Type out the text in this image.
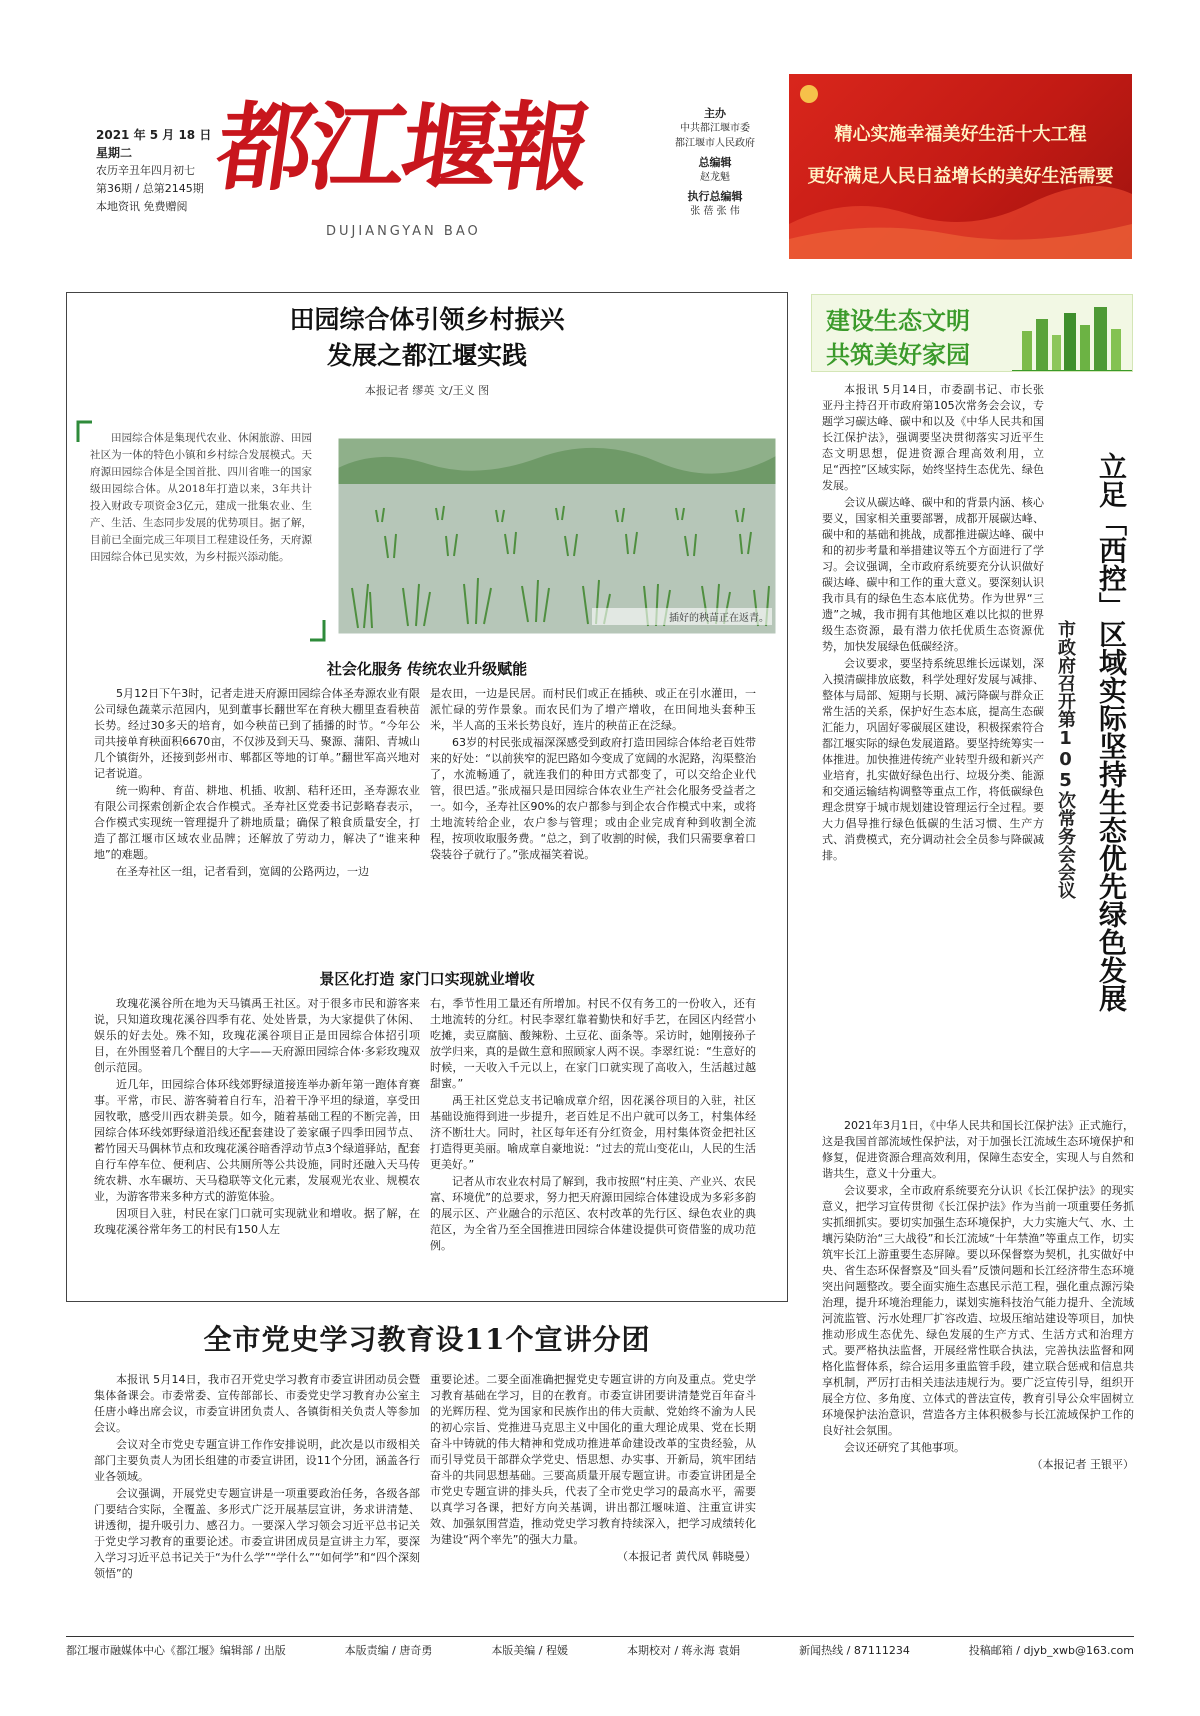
2021 年 5 月 18 日
星期二
农历辛丑年四月初七
第36期 / 总第2145期
本地资讯 免费赠阅
都江堰報
DUJIANGYAN BAO
主办
中共都江堰市委
都江堰市人民政府
总编辑
赵龙魁
执行总编辑
张 蓓 张 伟
精心实施幸福美好生活十大工程
更好满足人民日益增长的美好生活需要
田园综合体引领乡村振兴
发展之都江堰实践
本报记者 缪英 文/王义 图
田园综合体是集现代农业、休闲旅游、田园社区为一体的特色小镇和乡村综合发展模式。天府源田园综合体是全国首批、四川省唯一的国家级田园综合体。从2018年打造以来，3年共计投入财政专项资金3亿元，建成一批集农业、生产、生活、生态同步发展的优势项目。据了解，目前已全面完成三年项目工程建设任务，天府源田园综合体已见实效，为乡村振兴添动能。
插好的秧苗正在返青。
社会化服务 传统农业升级赋能

5月12日下午3时，记者走进天府源田园综合体圣寿源农业有限公司绿色蔬菜示范园内，见到董事长翻世军在育秧大棚里查看秧苗长势。经过30多天的培育，如今秧苗已到了插播的时节。“今年公司共接单育秧面积6670亩，不仅涉及到天马、聚源、蒲阳、青城山几个镇街外，还接到彭州市、郫都区等地的订单。”翻世军高兴地对记者说道。

统一购种、育苗、耕地、机插、收割、秸秆还田，圣寿源农业有限公司探索创新企农合作模式。圣寿社区党委书记彭略春表示，合作模式实现统一管理提升了耕地质量；确保了粮食质量安全，打造了都江堰市区域农业品牌；还解放了劳动力，解决了“谁来种地”的难题。

在圣寿社区一组，记者看到，宽阔的公路两边，一边

是农田，一边是民居。而村民们或正在插秧、或正在引水灌田，一派忙碌的劳作景象。而农民们为了增产增收，在田间地头套种玉米，半人高的玉米长势良好，连片的秧苗正在泛绿。

63岁的村民张成福深深感受到政府打造田园综合体给老百姓带来的好处：“以前狭窄的泥巴路如今变成了宽阔的水泥路，沟渠整治了，水流畅通了，就连我们的种田方式都变了，可以交给企业代管，很巴适。”张成福只是田园综合体农业生产社会化服务受益者之一。如今，圣寿社区90%的农户都参与到企农合作模式中来，或将土地流转给企业，农户参与管理；或由企业完成育种到收割全流程，按项收取服务费。“总之，到了收割的时候，我们只需要拿着口袋装谷子就行了。”张成福笑着说。

景区化打造 家门口实现就业增收

玫瑰花溪谷所在地为天马镇禹王社区。对于很多市民和游客来说，只知道玫瑰花溪谷四季有花、处处皆景，为大家提供了休闲、娱乐的好去处。殊不知，玫瑰花溪谷项目正是田园综合体招引项目，在外围竖着几个醒目的大字——天府源田园综合体·多彩玫瑰双创示范园。

近几年，田园综合体环线郊野绿道接连举办新年第一跑体育赛事。平常，市民、游客骑着自行车，沿着干净平坦的绿道，享受田园牧歌，感受川西农耕美景。如今，随着基础工程的不断完善，田园综合体环线郊野绿道沿线还配套建设了姜家碾子四季田园节点、蓄竹园天马偶林节点和玫瑰花溪谷暗香浮动节点3个绿道驿站，配套自行车停车位、便利店、公共厕所等公共设施，同时还融入天马传统农耕、水车碾坊、天马稳联等文化元素，发展观光农业、规模农业，为游客带来多种方式的游览体验。

因项目入驻，村民在家门口就可实现就业和增收。据了解，在玫瑰花溪谷常年务工的村民有150人左

右，季节性用工量还有所增加。村民不仅有务工的一份收入，还有土地流转的分红。村民李翠红靠着勤快和好手艺，在园区内经营小吃摊，卖豆腐脑、酸辣粉、土豆花、面条等。采访时，她刚接孙子放学归来，真的是做生意和照顾家人两不误。李翠红说：“生意好的时候，一天收入千元以上，在家门口就实现了高收入，生活越过越甜蜜。”

禹王社区党总支书记喻成章介绍，因花溪谷项目的入驻，社区基础设施得到进一步提升，老百姓足不出户就可以务工，村集体经济不断壮大。同时，社区每年还有分红资金，用村集体资金把社区打造得更美丽。喻成章自豪地说：“过去的荒山变花山，人民的生活更美好。”

记者从市农业农村局了解到，我市按照“村庄美、产业兴、农民富、环境优”的总要求，努力把天府源田园综合体建设成为多彩多韵的展示区、产业融合的示范区、农村改革的先行区、绿色农业的典范区，为全省乃至全国推进田园综合体建设提供可资借鉴的成功范例。

全市党史学习教育设11个宣讲分团

本报讯 5月14日，我市召开党史学习教育市委宣讲团动员会暨集体备课会。市委常委、宣传部部长、市委党史学习教育办公室主任唐小峰出席会议，市委宣讲团负责人、各镇街相关负责人等参加会议。

会议对全市党史专题宣讲工作作安排说明，此次是以市级相关部门主要负责人为团长组建的市委宣讲团，设11个分团，涵盖各行业各领域。

会议强调，开展党史专题宣讲是一项重要政治任务，各级各部门要结合实际，全覆盖、多形式广泛开展基层宣讲，务求讲清楚、讲透彻，提升吸引力、感召力。一要深入学习领会习近平总书记关于党史学习教育的重要论述。市委宣讲团成员是宣讲主力军，要深入学习习近平总书记关于“为什么学”“学什么”“如何学”和“四个深刻领悟”的

重要论述。二要全面准确把握党史专题宣讲的方向及重点。党史学习教育基础在学习，目的在教育。市委宣讲团要讲清楚党百年奋斗的光辉历程、党为国家和民族作出的伟大贡献、党始终不渝为人民的初心宗旨、党推进马克思主义中国化的重大理论成果、党在长期奋斗中铸就的伟大精神和党成功推进革命建设改革的宝贵经验，从而引导党员干部群众学党史、悟思想、办实事、开新局，筑牢团结奋斗的共同思想基础。三要高质量开展专题宣讲。市委宣讲团是全市党史专题宣讲的排头兵，代表了全市党史学习的最高水平，需要以真学习各课，把好方向关基调，讲出都江堰味道、注重宣讲实效、加强氛围营造，推动党史学习教育持续深入，把学习成绩转化为建设“两个率先”的强大力量。

（本报记者 黄代凤 韩晓曼）

建设生态文明
共筑美好家园
立足「西控」区域实际坚持生态优先绿色发展
市政府召开第105次常务会会议

本报讯 5月14日，市委副书记、市长张亚丹主持召开市政府第105次常务会会议，专题学习碳达峰、碳中和以及《中华人民共和国长江保护法》，强调要坚决贯彻落实习近平生态文明思想，促进资源合理高效利用，立足“西控”区域实际，始终坚持生态优先、绿色发展。

会议从碳达峰、碳中和的背景内涵、核心要义，国家相关重要部署，成都开展碳达峰、碳中和的基础和挑战，成都推进碳达峰、碳中和的初步考量和举措建议等五个方面进行了学习。会议强调，全市政府系统要充分认识做好碳达峰、碳中和工作的重大意义。要深刻认识我市具有的绿色生态本底优势。作为世界“三遗”之城，我市拥有其他地区难以比拟的世界级生态资源，最有潜力依托优质生态资源优势，加快发展绿色低碳经济。

会议要求，要坚持系统思维长远谋划，深入摸清碳排放底数，科学处理好发展与减排、整体与局部、短期与长期、减污降碳与群众正常生活的关系，保护好生态本底，提高生态碳汇能力，巩固好零碳展区建设，积极探索符合都江堰实际的绿色发展道路。要坚持统筹实一体推进。加快推进传统产业转型升级和新兴产业培育，扎实做好绿色出行、垃圾分类、能源和交通运输结构调整等重点工作，将低碳绿色理念贯穿于城市规划建设管理运行全过程。要大力倡导推行绿色低碳的生活习惯、生产方式、消费模式，充分调动社会全员参与降碳减排。

2021年3月1日，《中华人民共和国长江保护法》正式施行，这是我国首部流域性保护法，对于加强长江流域生态环境保护和修复，促进资源合理高效利用，保障生态安全，实现人与自然和谐共生，意义十分重大。

会议要求，全市政府系统要充分认识《长江保护法》的现实意义，把学习宣传贯彻《长江保护法》作为当前一项重要任务抓实抓细抓实。要切实加强生态环境保护，大力实施大气、水、土壤污染防治“三大战役”和长江流域“十年禁渔”等重点工作，切实筑牢长江上游重要生态屏障。要以环保督察为契机，扎实做好中央、省生态环保督察及“回头看”反馈问题和长江经济带生态环境突出问题整改。要全面实施生态惠民示范工程，强化重点源污染治理，提升环境治理能力，谋划实施科技治气能力提升、全流域河流监管、污水处理厂扩容改造、垃圾压缩站建设等项目，加快推动形成生态优先、绿色发展的生产方式、生活方式和治理方式。要严格执法监督，开展经常性联合执法，完善执法监督和网格化监督体系，综合运用多重监管手段，建立联合惩戒和信息共享机制，严厉打击相关违法违规行为。要广泛宣传引导，组织开展全方位、多角度、立体式的普法宣传，教育引导公众牢固树立环境保护法治意识，营造各方主体积极参与长江流域保护工作的良好社会氛围。

会议还研究了其他事项。

（本报记者 王银平）

都江堰市融媒体中心《都江堰》编辑部 / 出版	本版责编 / 唐奇勇	本版美编 / 程媛	本期校对 / 蒋永海 袁娟	新闻热线 / 87111234	投稿邮箱 / djyb_xwb@163.com
